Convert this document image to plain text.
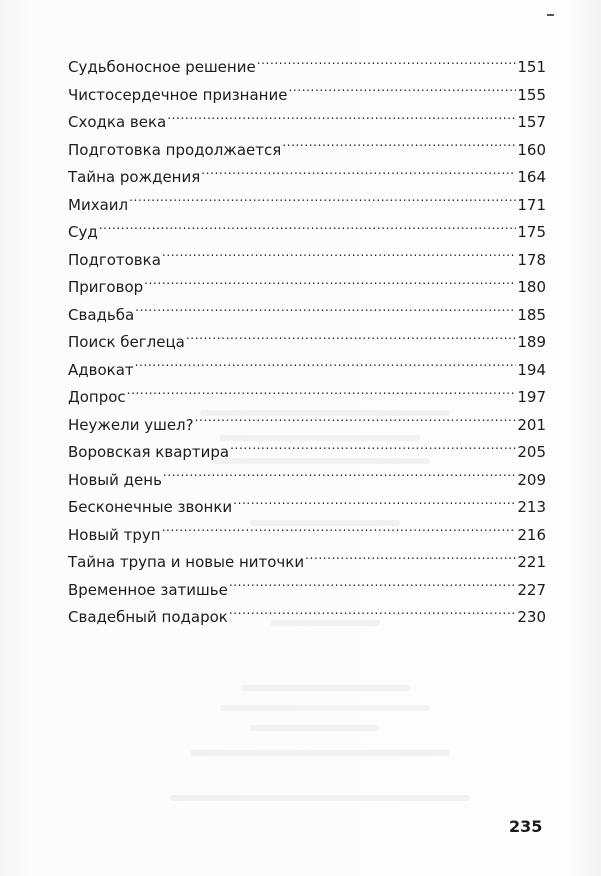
Судьбоносное решение .....	151
Чистосердечное признание .....	155
Сходка века .....	157
Подготовка продолжается .....	160
Тайна рождения .....	164
Михаил .....	171
Суд .....	175
Подготовка .....	178
Приговор .....	180
Свадьба .....	185
Поиск беглеца .....	189
Адвокат .....	194
Допрос .....	197
Неужели ушел? .....	201
Воровская квартира .....	205
Новый день .....	209
Бесконечные звонки .....	213
Новый труп .....	216
Тайна трупа и новые ниточки .....	221
Временное затишье .....	227
Свадебный подарок .....	230
235
